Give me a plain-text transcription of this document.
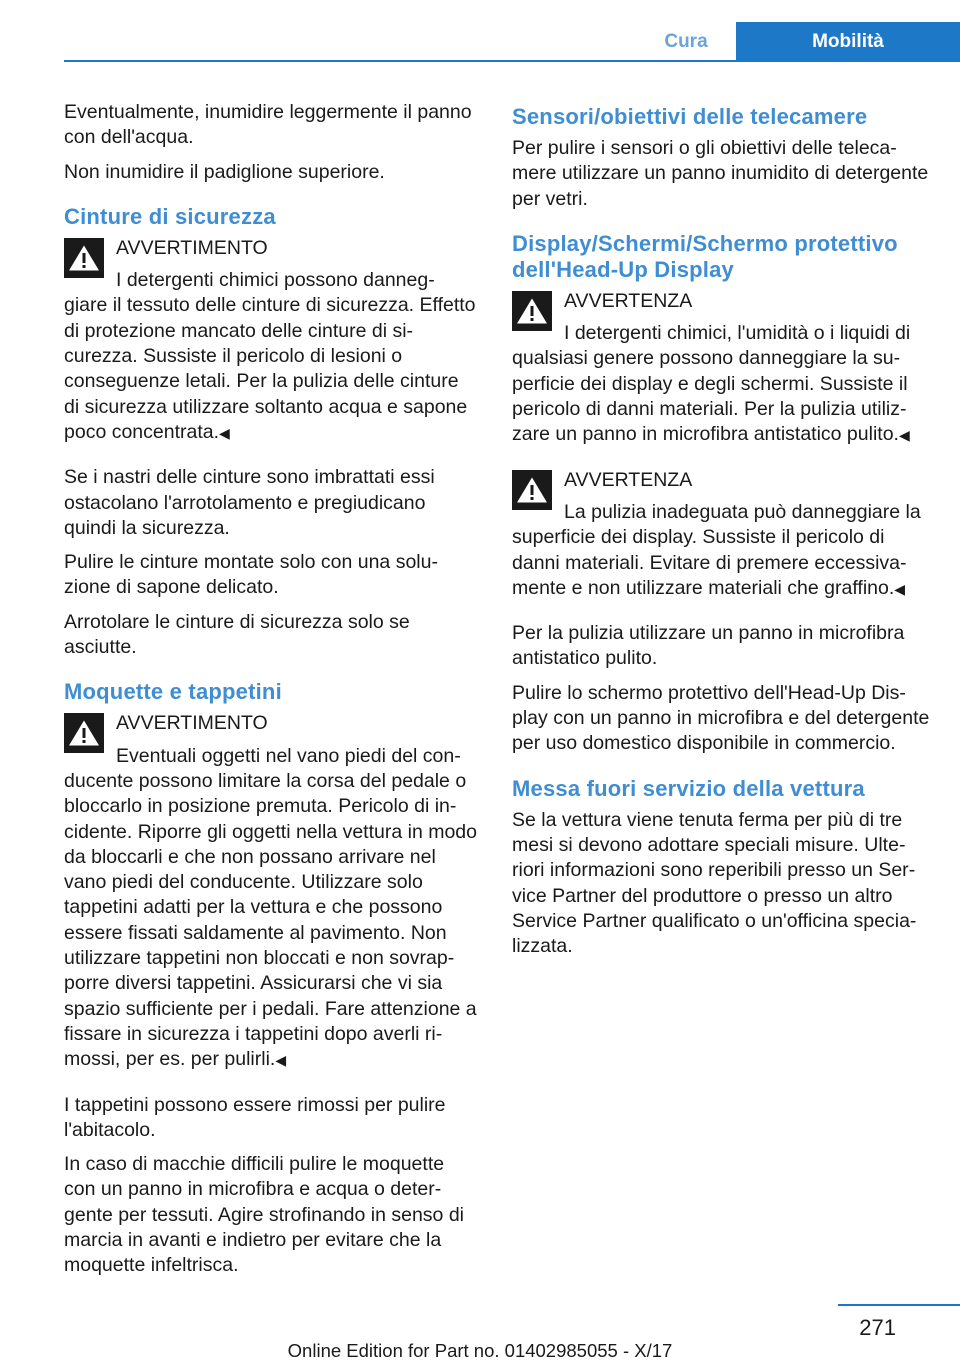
Cura	Mobilità

Eventualmente, inumidire leggermente il panno con dell'acqua.

Non inumidire il padiglione superiore.

Cinture di sicurezza
AVVERTIMENTO
I detergenti chimici possono danneg-
giare il tessuto delle cinture di sicurezza. Effetto di protezione mancato delle cinture di sicurezza. Sussiste il pericolo di lesioni o conseguenze letali. Per la pulizia delle cinture di sicurezza utilizzare soltanto acqua e sapone poco concentrata.◀

Se i nastri delle cinture sono imbrattati essi ostacolano l'arrotolamento e pregiudicano quindi la sicurezza.

Pulire le cinture montate solo con una soluzione di sapone delicato.

Arrotolare le cinture di sicurezza solo se asciutte.

Moquette e tappetini
AVVERTIMENTO
Eventuali oggetti nel vano piedi del con-
ducente possono limitare la corsa del pedale o bloccarlo in posizione premuta. Pericolo di incidente. Riporre gli oggetti nella vettura in modo da bloccarli e che non possano arrivare nel vano piedi del conducente. Utilizzare solo tappetini adatti per la vettura e che possono essere fissati saldamente al pavimento. Non utilizzare tappetini non bloccati e non sovrapporre diversi tappetini. Assicurarsi che vi sia spazio sufficiente per i pedali. Fare attenzione a fissare in sicurezza i tappetini dopo averli rimossi, per es. per pulirli.◀

I tappetini possono essere rimossi per pulire l'abitacolo.

In caso di macchie difficili pulire le moquette con un panno in microfibra e acqua o detergente per tessuti. Agire strofinando in senso di marcia in avanti e indietro per evitare che la moquette infeltrisca.

Sensori/obiettivi delle telecamere

Per pulire i sensori o gli obiettivi delle telecamere utilizzare un panno inumidito di detergente per vetri.

Display/Schermi/Schermo protettivo dell'Head-Up Display
AVVERTENZA
I detergenti chimici, l'umidità o i liquidi di
qualsiasi genere possono danneggiare la superficie dei display e degli schermi. Sussiste il pericolo di danni materiali. Per la pulizia utilizzare un panno in microfibra antistatico pulito.◀
AVVERTENZA
La pulizia inadeguata può danneggiare la
superficie dei display. Sussiste il pericolo di danni materiali. Evitare di premere eccessivamente e non utilizzare materiali che graffino.◀

Per la pulizia utilizzare un panno in microfibra antistatico pulito.

Pulire lo schermo protettivo dell'Head-Up Display con un panno in microfibra e del detergente per uso domestico disponibile in commercio.

Messa fuori servizio della vettura

Se la vettura viene tenuta ferma per più di tre mesi si devono adottare speciali misure. Ulteriori informazioni sono reperibili presso un Service Partner del produttore o presso un altro Service Partner qualificato o un'officina specializzata.

271
Online Edition for Part no. 01402985055 - X/17
